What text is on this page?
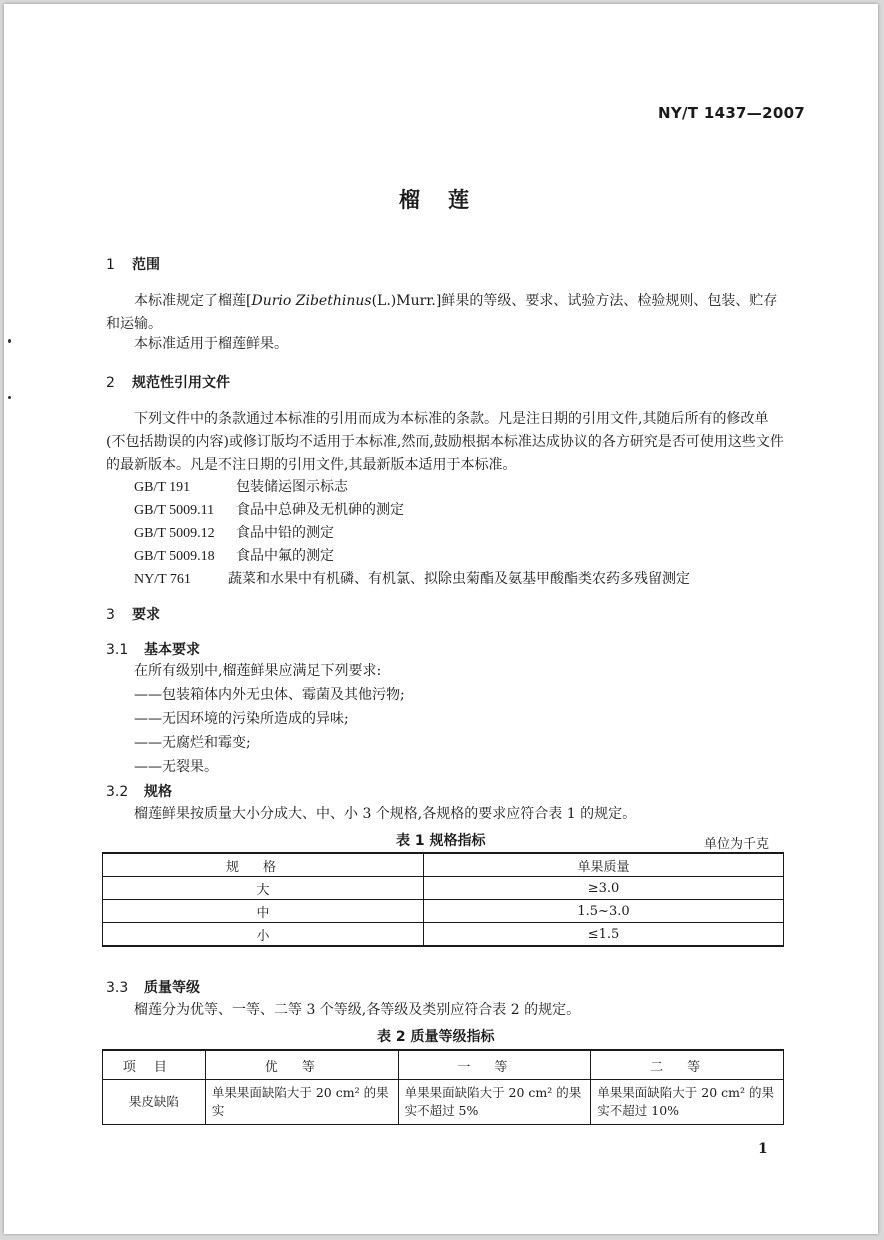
NY/T 1437—2007
榴莲
1 范围
本标准规定了榴莲[Durio Zibethinus(L.)Murr.]鲜果的等级、要求、试验方法、检验规则、包装、贮存和运输。
本标准适用于榴莲鲜果。
2 规范性引用文件
下列文件中的条款通过本标准的引用而成为本标准的条款。凡是注日期的引用文件,其随后所有的修改单(不包括勘误的内容)或修订版均不适用于本标准,然而,鼓励根据本标准达成协议的各方研究是否可使用这些文件的最新版本。凡是不注日期的引用文件,其最新版本适用于本标准。
GB/T 191	包装储运图示标志
GB/T 5009.11 食品中总砷及无机砷的测定
GB/T 5009.12 食品中铅的测定
GB/T 5009.18 食品中氟的测定
NY/T 761	蔬菜和水果中有机磷、有机氯、拟除虫菊酯及氨基甲酸酯类农药多残留测定
3 要求
3.1 基本要求
在所有级别中,榴莲鲜果应满足下列要求:
——包装箱体内外无虫体、霉菌及其他污物;
——无因环境的污染所造成的异味;
——无腐烂和霉变;
——无裂果。
3.2 规格
榴莲鲜果按质量大小分成大、中、小 3 个规格,各规格的要求应符合表 1 的规定。
表 1 规格指标	单位为千克
规格	单果质量
大	≥3.0
中	1.5~3.0
小	≤1.5
3.3 质量等级
榴莲分为优等、一等、二等 3 个等级,各等级及类别应符合表 2 的规定。
表 2 质量等级指标
项目	优等	一等	二等
果皮缺陷	单果果面缺陷大于 20 cm² 的果实	单果果面缺陷大于 20 cm² 的果实不超过 5%	单果果面缺陷大于 20 cm² 的果实不超过 10%
1
